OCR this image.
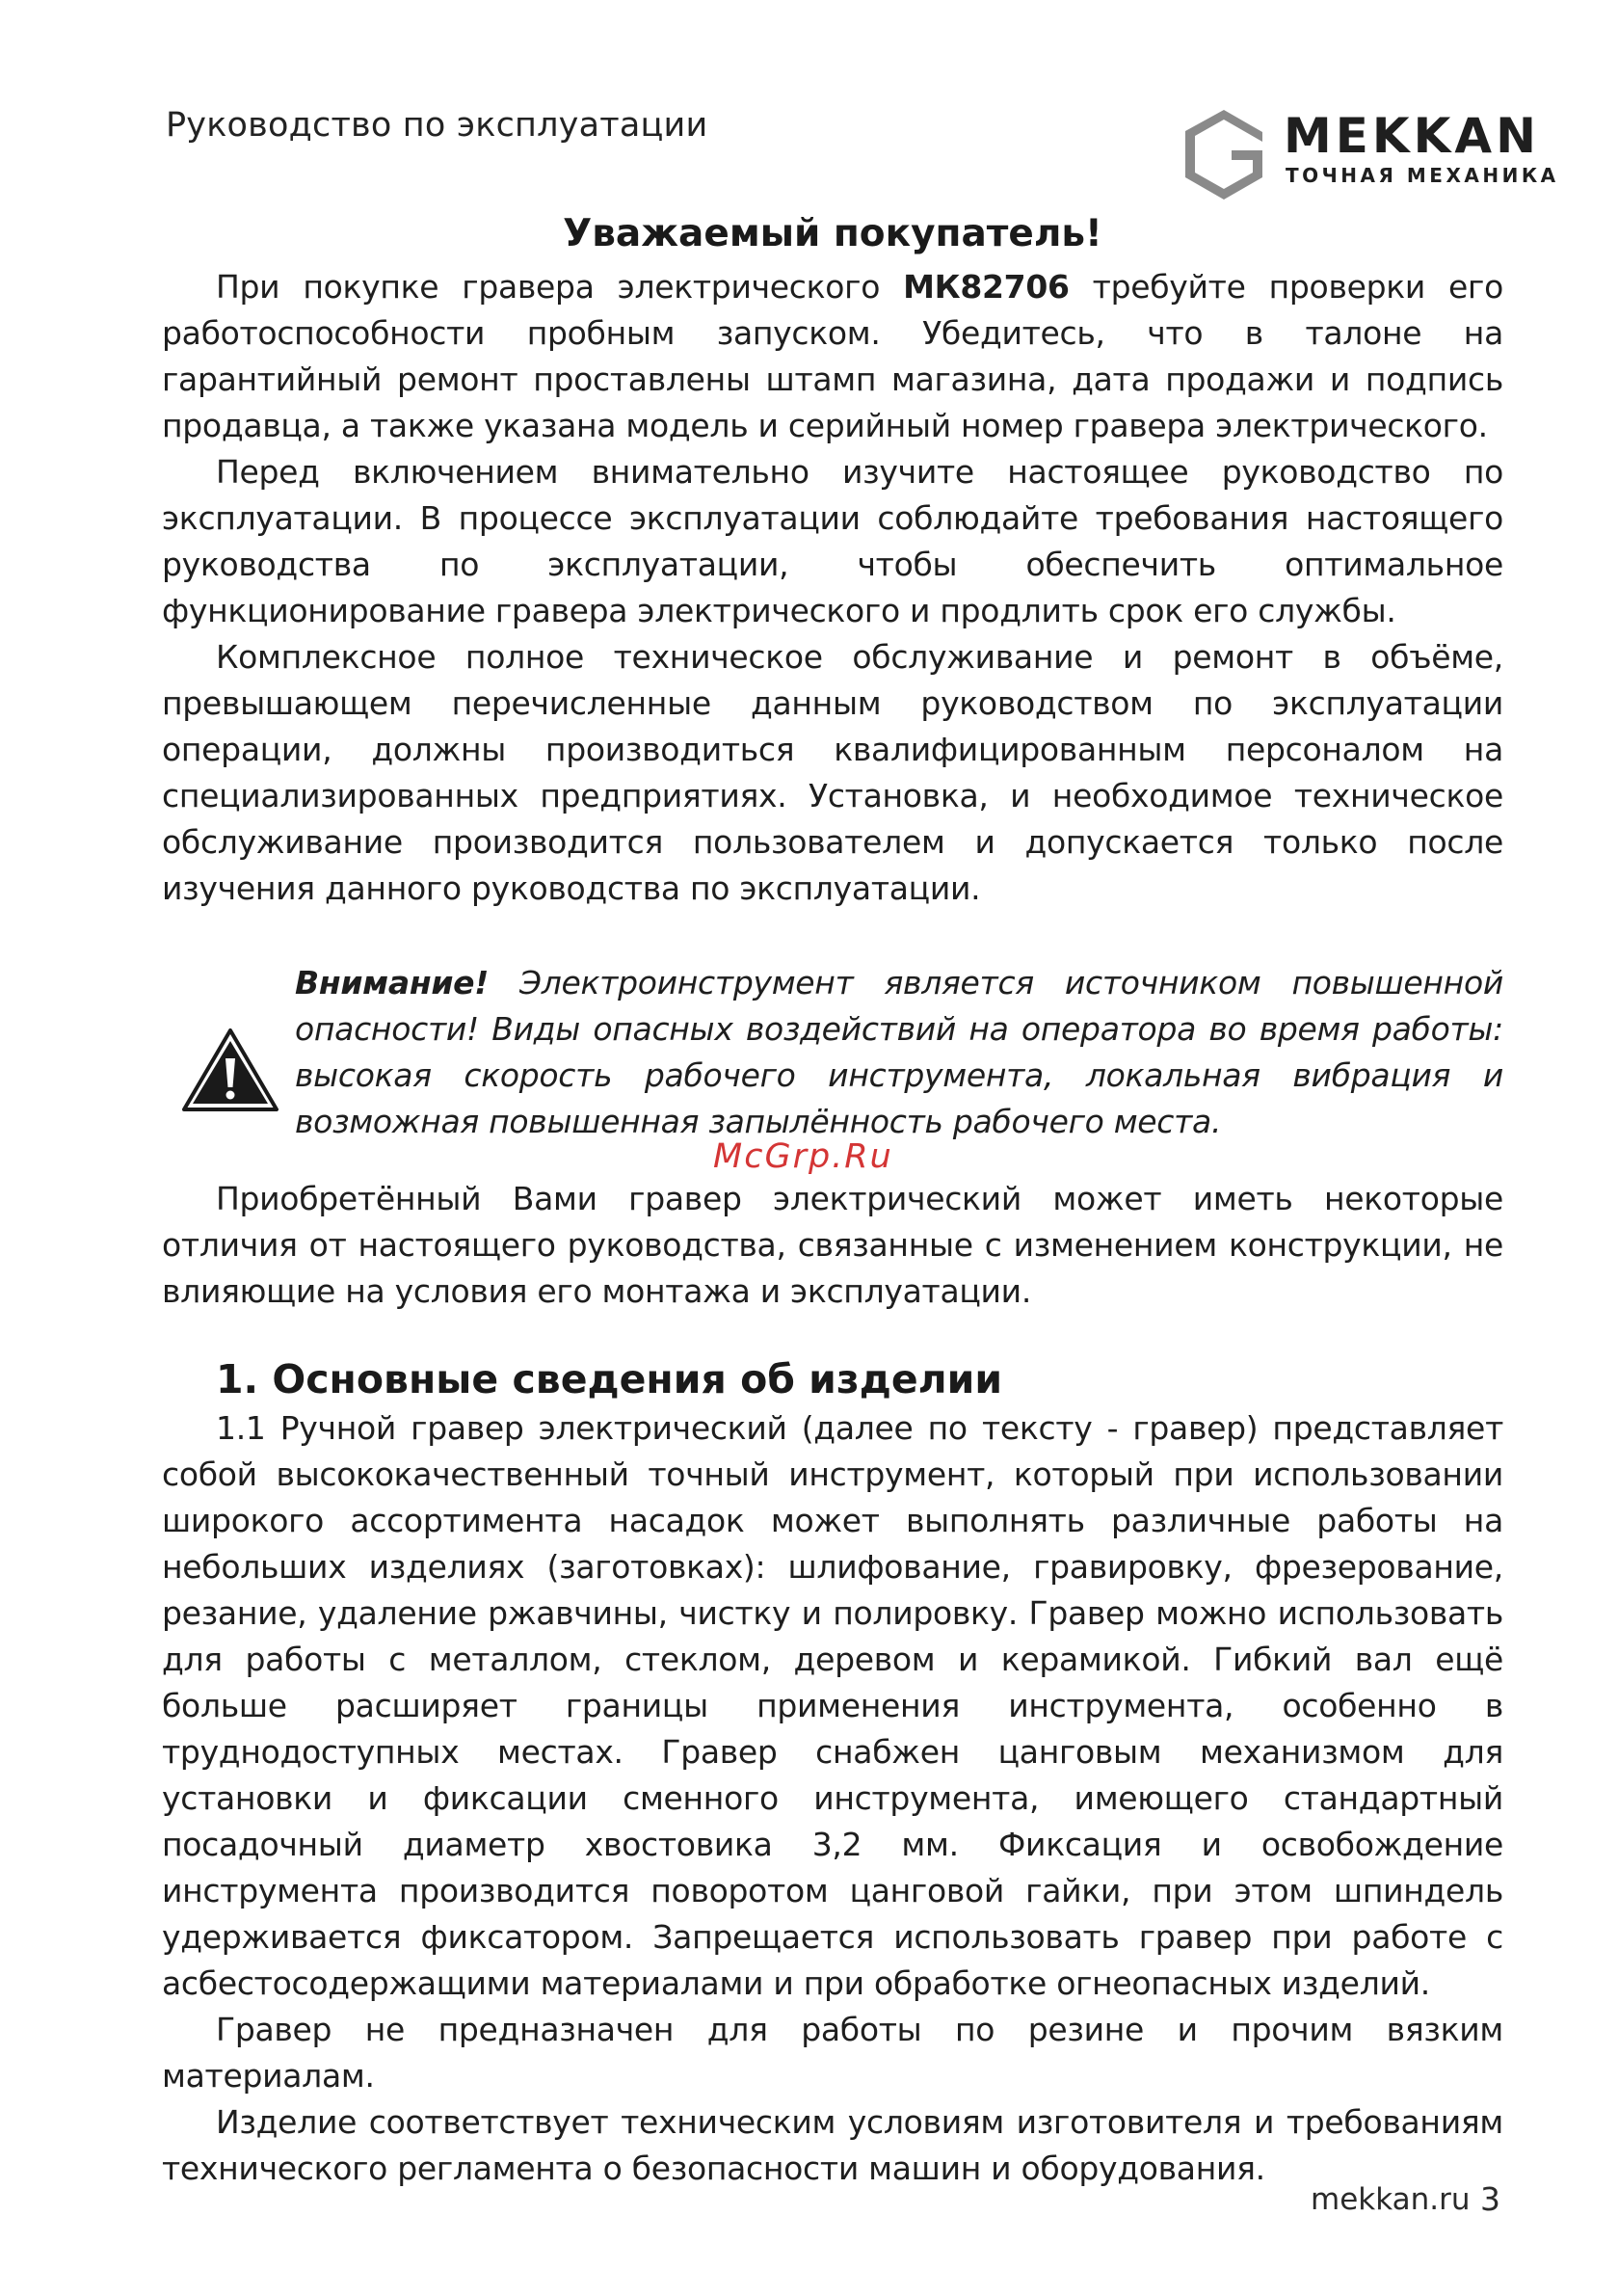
Руководство по эксплуатации	MEKKAN
ТОЧНАЯ МЕХАНИКА
Уважаемый покупатель!

При покупке гравера электрического МК82706 требуйте проверки его работоспособности пробным запуском. Убедитесь, что в талоне на гарантийный ремонт проставлены штамп магазина, дата продажи и подпись продавца, а также указана модель и серийный номер гравера электрического.

Перед включением внимательно изучите настоящее руководство по эксплуатации. В процессе эксплуатации соблюдайте требования настоящего руководства по эксплуатации, чтобы обеспечить оптимальное функционирование гравера электрического и продлить срок его службы.

Комплексное полное техническое обслуживание и ремонт в объёме, превышающем перечисленные данным руководством по эксплуатации операции, должны производиться квалифицированным персоналом на специализированных предприятиях. Установка, и необходимое техническое обслуживание производится пользователем и допускается только после изучения данного руководства по эксплуатации.

Внимание! Электроинструмент является источником повышенной опасности! Виды опасных воздействий на оператора во время работы: высокая скорость рабочего инструмента, локальная вибрация и возможная повышенная запылённость рабочего места.

McGrp.Ru

Приобретённый Вами гравер электрический может иметь некоторые отличия от настоящего руководства, связанные с изменением конструкции, не влияющие на условия его монтажа и эксплуатации.

1. Основные сведения об изделии

1.1 Ручной гравер электрический (далее по тексту - гравер) представляет собой высококачественный точный инструмент, который при использовании широкого ассортимента насадок может выполнять различные работы на небольших изделиях (заготовках): шлифование, гравировку, фрезерование, резание, удаление ржавчины, чистку и полировку. Гравер можно использовать для работы с металлом, стеклом, деревом и керамикой. Гибкий вал ещё больше расширяет границы применения инструмента, особенно в труднодоступных местах. Гравер снабжен цанговым механизмом для установки и фиксации сменного инструмента, имеющего стандартный посадочный диаметр хвостовика 3,2 мм. Фиксация и освобождение инструмента производится поворотом цанговой гайки, при этом шпиндель удерживается фиксатором. Запрещается использовать гравер при работе с асбестосодержащими материалами и при обработке огнеопасных изделий.

Гравер не предназначен для работы по резине и прочим вязким материалам.

Изделие соответствует техническим условиям изготовителя и требованиям технического регламента о безопасности машин и оборудования.

mekkan.ru 3
